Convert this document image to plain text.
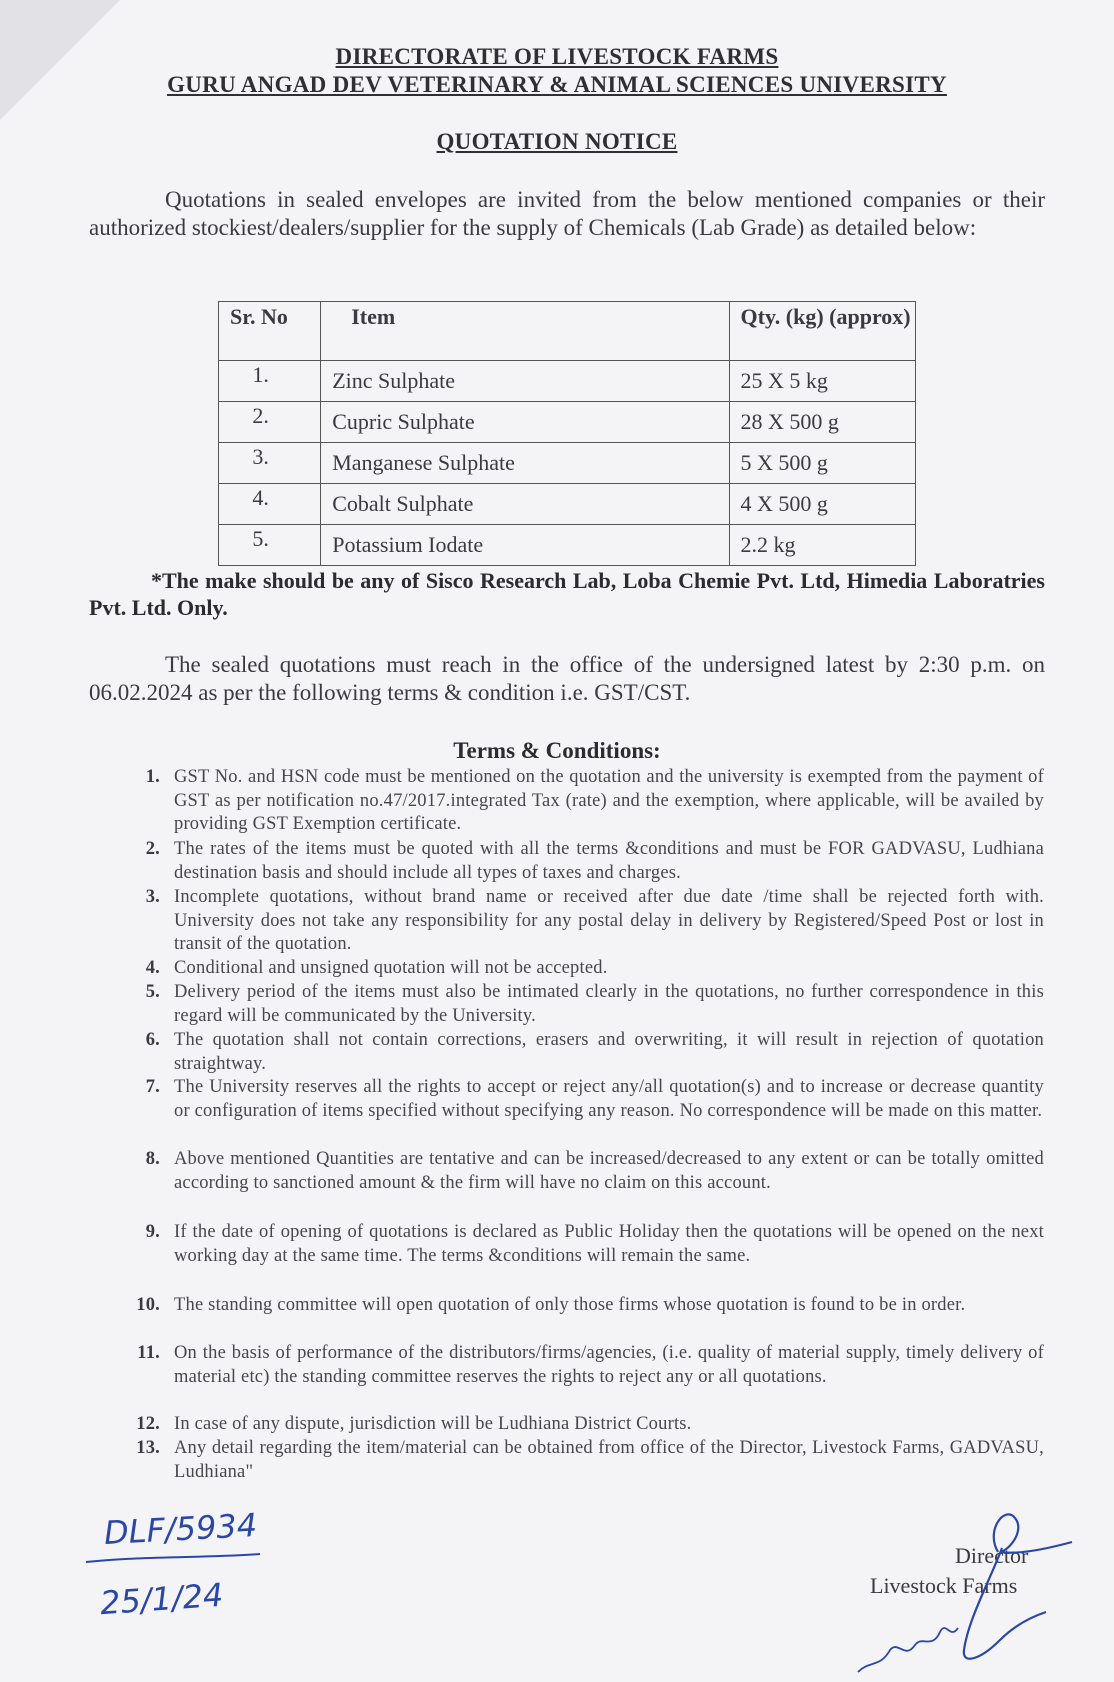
DIRECTORATE OF LIVESTOCK FARMS
GURU ANGAD DEV VETERINARY & ANIMAL SCIENCES UNIVERSITY
QUOTATION NOTICE
Quotations in sealed envelopes are invited from the below mentioned companies or their authorized stockiest/dealers/supplier for the supply of Chemicals (Lab Grade) as detailed below:
Sr. No	Item	Qty. (kg) (approx)
1.	Zinc Sulphate	25 X 5 kg
2.	Cupric Sulphate	28 X 500 g
3.	Manganese Sulphate	5 X 500 g
4.	Cobalt Sulphate	4 X 500 g
5.	Potassium Iodate	2.2 kg
*The make should be any of Sisco Research Lab, Loba Chemie Pvt. Ltd, Himedia Laboratries Pvt. Ltd. Only.
The sealed quotations must reach in the office of the undersigned latest by 2:30 p.m. on 06.02.2024 as per the following terms & condition i.e. GST/CST.
Terms & Conditions:
1. GST No. and HSN code must be mentioned on the quotation and the university is exempted from the payment of GST as per notification no.47/2017.integrated Tax (rate) and the exemption, where applicable, will be availed by providing GST Exemption certificate.
2. The rates of the items must be quoted with all the terms &conditions and must be FOR GADVASU, Ludhiana destination basis and should include all types of taxes and charges.
3. Incomplete quotations, without brand name or received after due date /time shall be rejected forth with. University does not take any responsibility for any postal delay in delivery by Registered/Speed Post or lost in transit of the quotation.
4. Conditional and unsigned quotation will not be accepted.
5. Delivery period of the items must also be intimated clearly in the quotations, no further correspondence in this regard will be communicated by the University.
6. The quotation shall not contain corrections, erasers and overwriting, it will result in rejection of quotation straightway.
7. The University reserves all the rights to accept or reject any/all quotation(s) and to increase or decrease quantity or configuration of items specified without specifying any reason. No correspondence will be made on this matter.
8. Above mentioned Quantities are tentative and can be increased/decreased to any extent or can be totally omitted according to sanctioned amount & the firm will have no claim on this account.
9. If the date of opening of quotations is declared as Public Holiday then the quotations will be opened on the next working day at the same time. The terms &conditions will remain the same.
10. The standing committee will open quotation of only those firms whose quotation is found to be in order.
11. On the basis of performance of the distributors/firms/agencies, (i.e. quality of material supply, timely delivery of material etc) the standing committee reserves the rights to reject any or all quotations.
12. In case of any dispute, jurisdiction will be Ludhiana District Courts.
13. Any detail regarding the item/material can be obtained from office of the Director, Livestock Farms, GADVASU, Ludhiana"
DLF/5934
25/1/24
Director
Livestock Farms
